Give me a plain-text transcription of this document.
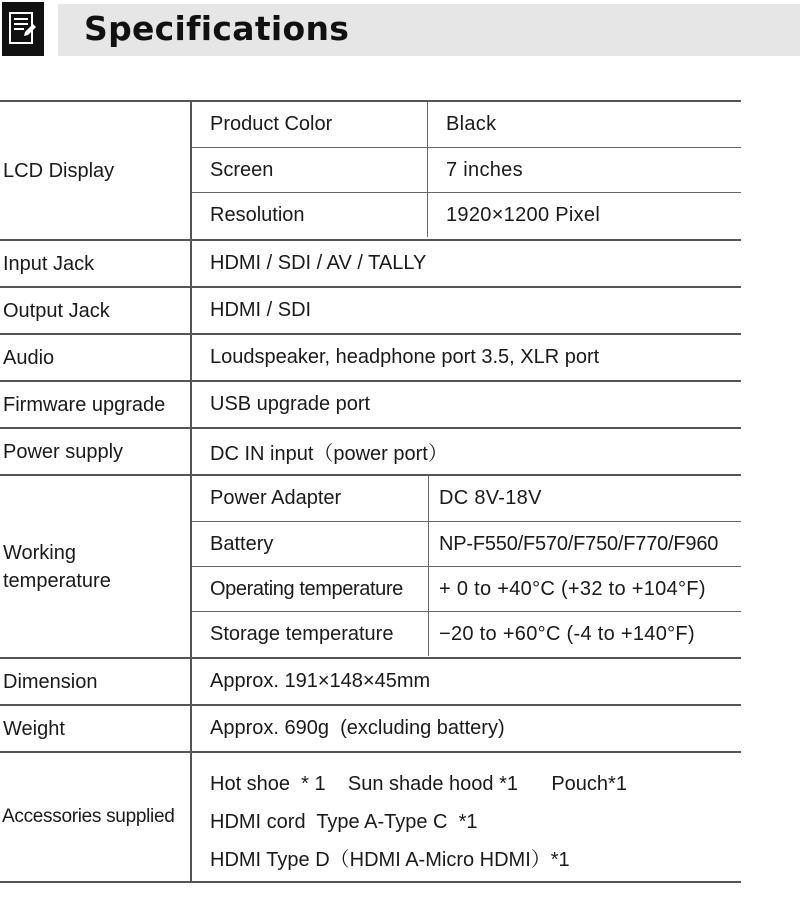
Specifications
LCD Display
Product Color	Black
Screen	7 inches
Resolution	1920×1200 Pixel
Input Jack	HDMI / SDI / AV / TALLY
Output Jack	HDMI / SDI
Audio	Loudspeaker, headphone port 3.5, XLR port
Firmware upgrade	USB upgrade port
Power supply	DC IN input（power port）
Working
temperature
Power Adapter	DC 8V-18V
Battery	NP-F550/F570/F750/F770/F960
Operating temperature	+ 0 to +40°C (+32 to +104°F)
Storage temperature	−20 to +60°C (-4 to +140°F)
Dimension	Approx. 191×148×45mm
Weight	Approx. 690g  (excluding battery)
Accessories supplied
Hot shoe  * 1    Sun shade hood *1      Pouch*1
HDMI cord  Type A-Type C  *1
HDMI Type D（HDMI A-Micro HDMI）*1
